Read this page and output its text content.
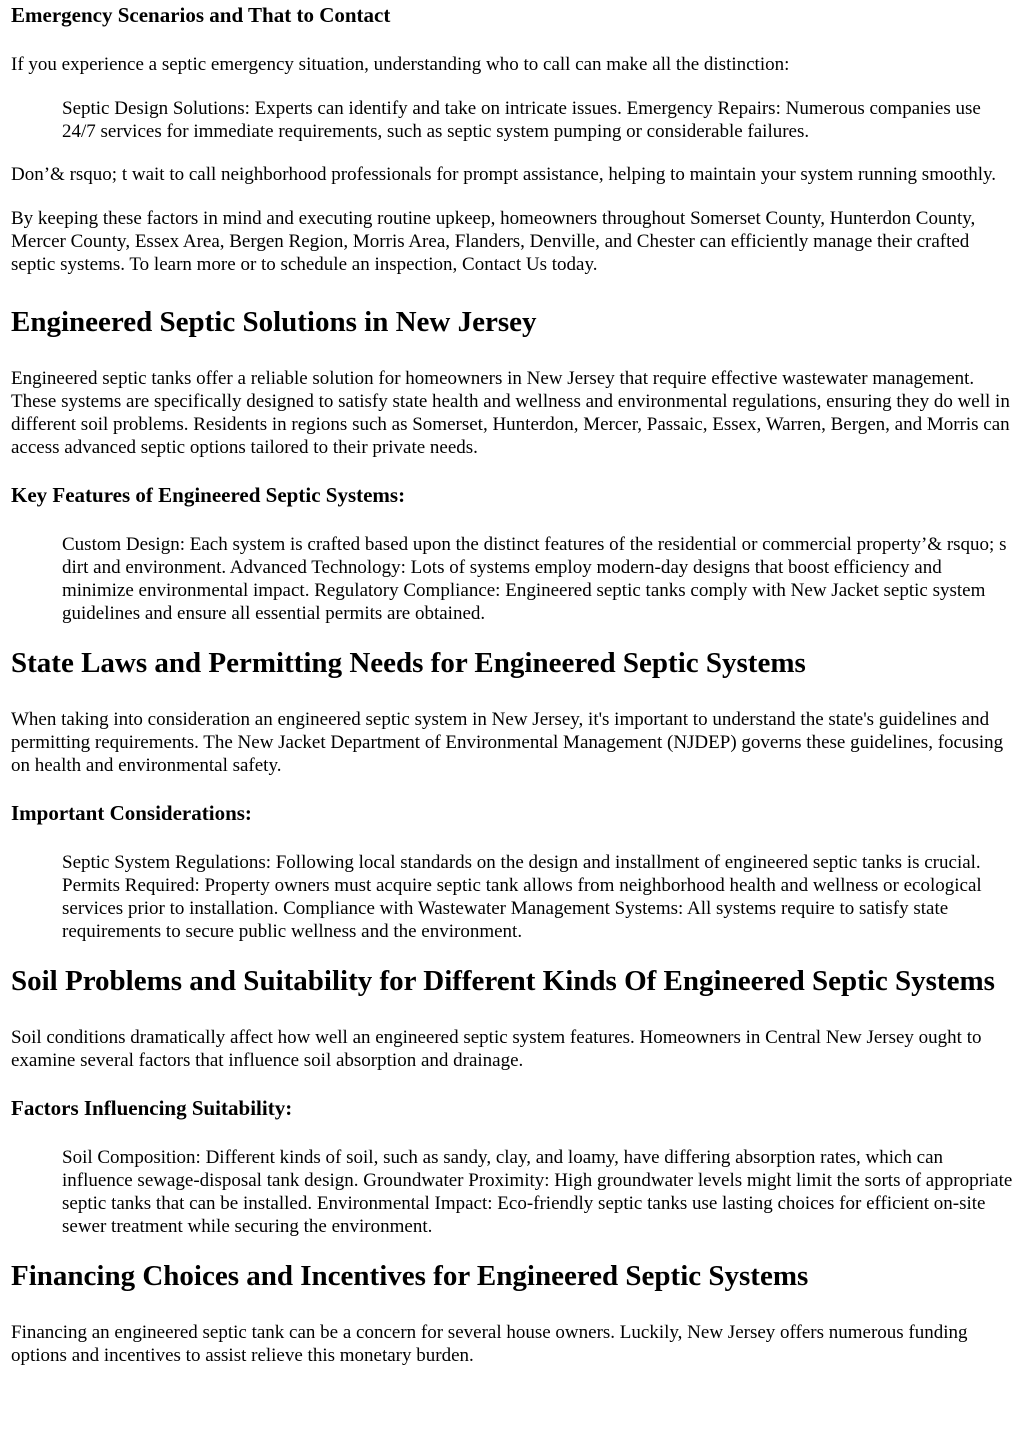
Emergency Scenarios and That to Contact

If you experience a septic emergency situation, understanding who to call can make all the distinction:

Septic Design Solutions: Experts can identify and take on intricate issues. Emergency Repairs: Numerous companies use 24/7 services for immediate requirements, such as septic system pumping or considerable failures.

Don’& rsquo; t wait to call neighborhood professionals for prompt assistance, helping to maintain your system running smoothly.

By keeping these factors in mind and executing routine upkeep, homeowners throughout Somerset County, Hunterdon County, Mercer County, Essex Area, Bergen Region, Morris Area, Flanders, Denville, and Chester can efficiently manage their crafted septic systems. To learn more or to schedule an inspection, Contact Us today.

Engineered Septic Solutions in New Jersey

Engineered septic tanks offer a reliable solution for homeowners in New Jersey that require effective wastewater management. These systems are specifically designed to satisfy state health and wellness and environmental regulations, ensuring they do well in different soil problems. Residents in regions such as Somerset, Hunterdon, Mercer, Passaic, Essex, Warren, Bergen, and Morris can access advanced septic options tailored to their private needs.

Key Features of Engineered Septic Systems:
Custom Design: Each system is crafted based upon the distinct features of the residential or commercial property’& rsquo; s dirt and environment. Advanced Technology: Lots of systems employ modern-day designs that boost efficiency and minimize environmental impact. Regulatory Compliance: Engineered septic tanks comply with New Jacket septic system guidelines and ensure all essential permits are obtained.
State Laws and Permitting Needs for Engineered Septic Systems

When taking into consideration an engineered septic system in New Jersey, it's important to understand the state's guidelines and permitting requirements. The New Jacket Department of Environmental Management (NJDEP) governs these guidelines, focusing on health and environmental safety.

Important Considerations:
Septic System Regulations: Following local standards on the design and installment of engineered septic tanks is crucial. Permits Required: Property owners must acquire septic tank allows from neighborhood health and wellness or ecological services prior to installation. Compliance with Wastewater Management Systems: All systems require to satisfy state requirements to secure public wellness and the environment.
Soil Problems and Suitability for Different Kinds Of Engineered Septic Systems

Soil conditions dramatically affect how well an engineered septic system features. Homeowners in Central New Jersey ought to examine several factors that influence soil absorption and drainage.

Factors Influencing Suitability:
Soil Composition: Different kinds of soil, such as sandy, clay, and loamy, have differing absorption rates, which can influence sewage-disposal tank design. Groundwater Proximity: High groundwater levels might limit the sorts of appropriate septic tanks that can be installed. Environmental Impact: Eco-friendly septic tanks use lasting choices for efficient on-site sewer treatment while securing the environment.
Financing Choices and Incentives for Engineered Septic Systems

Financing an engineered septic tank can be a concern for several house owners. Luckily, New Jersey offers numerous funding options and incentives to assist relieve this monetary burden.
